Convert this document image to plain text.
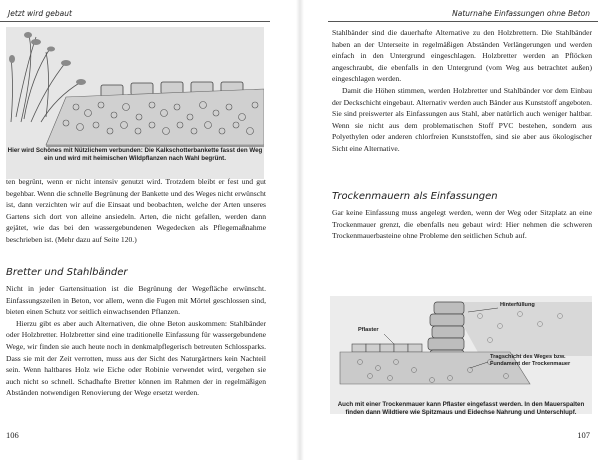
Jetzt wird gebaut
Hier wird Schönes mit Nützlichem verbunden: Die Kalkschotterbankette fasst den Weg ein und wird mit heimischen Wildpflanzen nach Wahl begrünt.

ten begrünt, wenn er nicht intensiv genutzt wird. Trotzdem bleibt er fest und gut begehbar. Wenn die schnelle Begrünung der Bankette und des Weges nicht erwünscht ist, dann verzichten wir auf die Einsaat und beobachten, welche der Arten unseres Gartens sich dort von alleine ansiedeln. Arten, die nicht gefallen, werden dann gejätet, wie das bei den wassergebundenen Wegedecken als Pflegemaßnahme beschrieben ist. (Mehr dazu auf Seite 120.)

Bretter und Stahlbänder

Nicht in jeder Gartensituation ist die Begrünung der Wegefläche erwünscht. Einfassungszeilen in Beton, vor allem, wenn die Fugen mit Mörtel geschlossen sind, bieten einen Schutz vor seitlich einwachsenden Pflanzen.

Hierzu gibt es aber auch Alternativen, die ohne Beton auskommen: Stahlbänder oder Holzbretter. Holzbretter sind eine traditionelle Einfassung für wassergebundene Wege, wir finden sie auch heute noch in denkmalpflegerisch betreuten Schlossparks. Dass sie mit der Zeit verrotten, muss aus der Sicht des Naturgärtners kein Nachteil sein. Wenn haltbares Holz wie Eiche oder Robinie verwendet wird, vergehen sie auch nicht so schnell. Schadhafte Bretter können im Rahmen der in regelmäßigen Abständen notwendigen Renovierung der Wege ersetzt werden.

106
Naturnahe Einfassungen ohne Beton

Stahlbänder sind die dauerhafte Alternative zu den Holzbrettern. Die Stahlbänder haben an der Unterseite in regelmäßigen Abständen Verlängerungen und werden einfach in den Untergrund eingeschlagen. Holzbretter werden an Pflöcken angeschraubt, die ebenfalls in den Untergrund (vom Weg aus betrachtet außen) eingeschlagen werden.

Damit die Höhen stimmen, werden Holzbretter und Stahlbänder vor dem Einbau der Deckschicht eingebaut. Alternativ werden auch Bänder aus Kunststoff angeboten. Sie sind preiswerter als Einfassungen aus Stahl, aber natürlich auch weniger haltbar. Wenn sie nicht aus dem problematischen Stoff PVC bestehen, sondern aus Polyethylen oder anderen chlorfreien Kunststoffen, sind sie aber aus ökologischer Sicht eine Alternative.

Trockenmauern als Einfassungen

Gar keine Einfassung muss angelegt werden, wenn der Weg oder Sitzplatz an eine Trockenmauer grenzt, die ebenfalls neu gebaut wird: Hier nehmen die schweren Trockenmauerbasteine ohne Probleme den seitlichen Schub auf.

Hinterfüllung
Pflaster
Tragschicht des Weges bzw. Fundament der Trockenmauer
Auch mit einer Trockenmauer kann Pflaster eingefasst werden. In den Mauerspalten finden dann Wildtiere wie Spitzmaus und Eidechse Nahrung und Unterschlupf.
107
